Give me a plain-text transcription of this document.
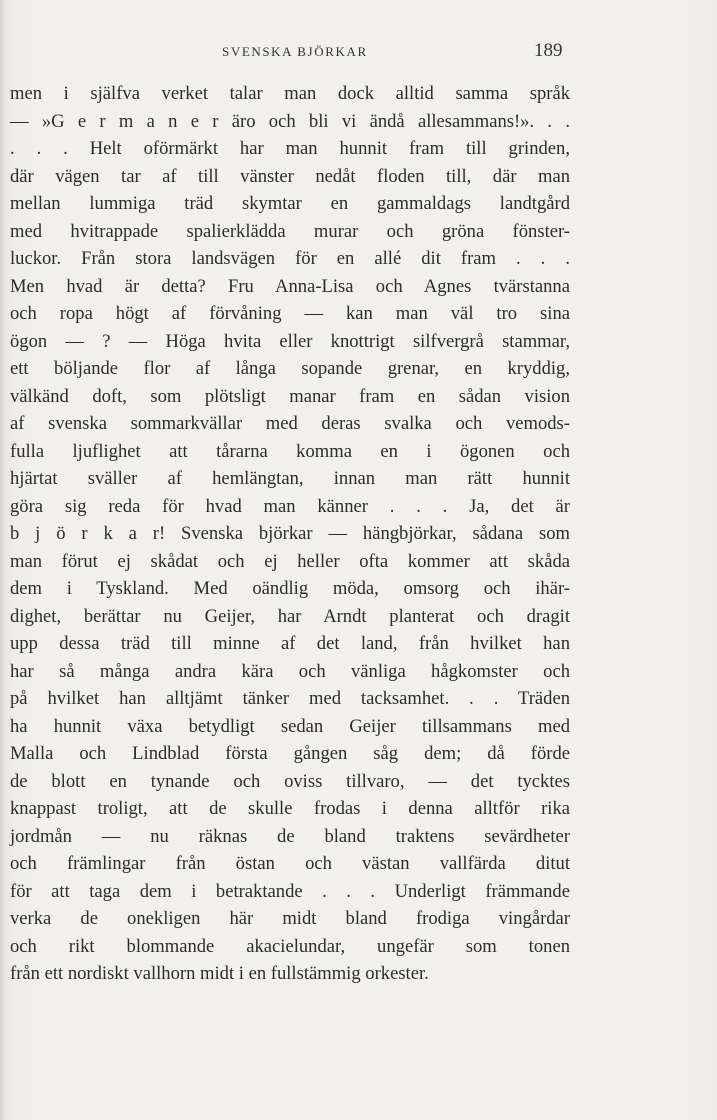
SVENSKA BJÖRKAR	189
men i själfva verket talar man dock alltid samma språk
— »G e r m a n e r äro och bli vi ändå allesammans!». . .
. . . Helt oförmärkt har man hunnit fram till grinden,
där vägen tar af till vänster nedåt floden till, där man
mellan lummiga träd skymtar en gammaldags landtgård
med hvitrappade spalierklädda murar och gröna fönster-
luckor. Från stora landsvägen för en allé dit fram . . .
Men hvad är detta? Fru Anna-Lisa och Agnes tvärstanna
och ropa högt af förvåning — kan man väl tro sina
ögon — ? — Höga hvita eller knottrigt silfvergrå stammar,
ett böljande flor af långa sopande grenar, en kryddig,
välkänd doft, som plötsligt manar fram en sådan vision
af svenska sommarkvällar med deras svalka och vemods-
fulla ljuflighet att tårarna komma en i ögonen och
hjärtat sväller af hemlängtan, innan man rätt hunnit
göra sig reda för hvad man känner . . . Ja, det är
b j ö r k a r! Svenska björkar — hängbjörkar, sådana som
man förut ej skådat och ej heller ofta kommer att skåda
dem i Tyskland. Med oändlig möda, omsorg och ihär-
dighet, berättar nu Geijer, har Arndt planterat och dragit
upp dessa träd till minne af det land, från hvilket han
har så många andra kära och vänliga hågkomster och
på hvilket han alltjämt tänker med tacksamhet. . . Träden
ha hunnit växa betydligt sedan Geijer tillsammans med
Malla och Lindblad första gången såg dem; då förde
de blott en tynande och oviss tillvaro, — det tycktes
knappast troligt, att de skulle frodas i denna alltför rika
jordmån — nu räknas de bland traktens sevärdheter
och främlingar från östan och västan vallfärda ditut
för att taga dem i betraktande . . . Underligt främmande
verka de onekligen här midt bland frodiga vingårdar
och rikt blommande akacielundar, ungefär som tonen
från ett nordiskt vallhorn midt i en fullstämmig orkester.
